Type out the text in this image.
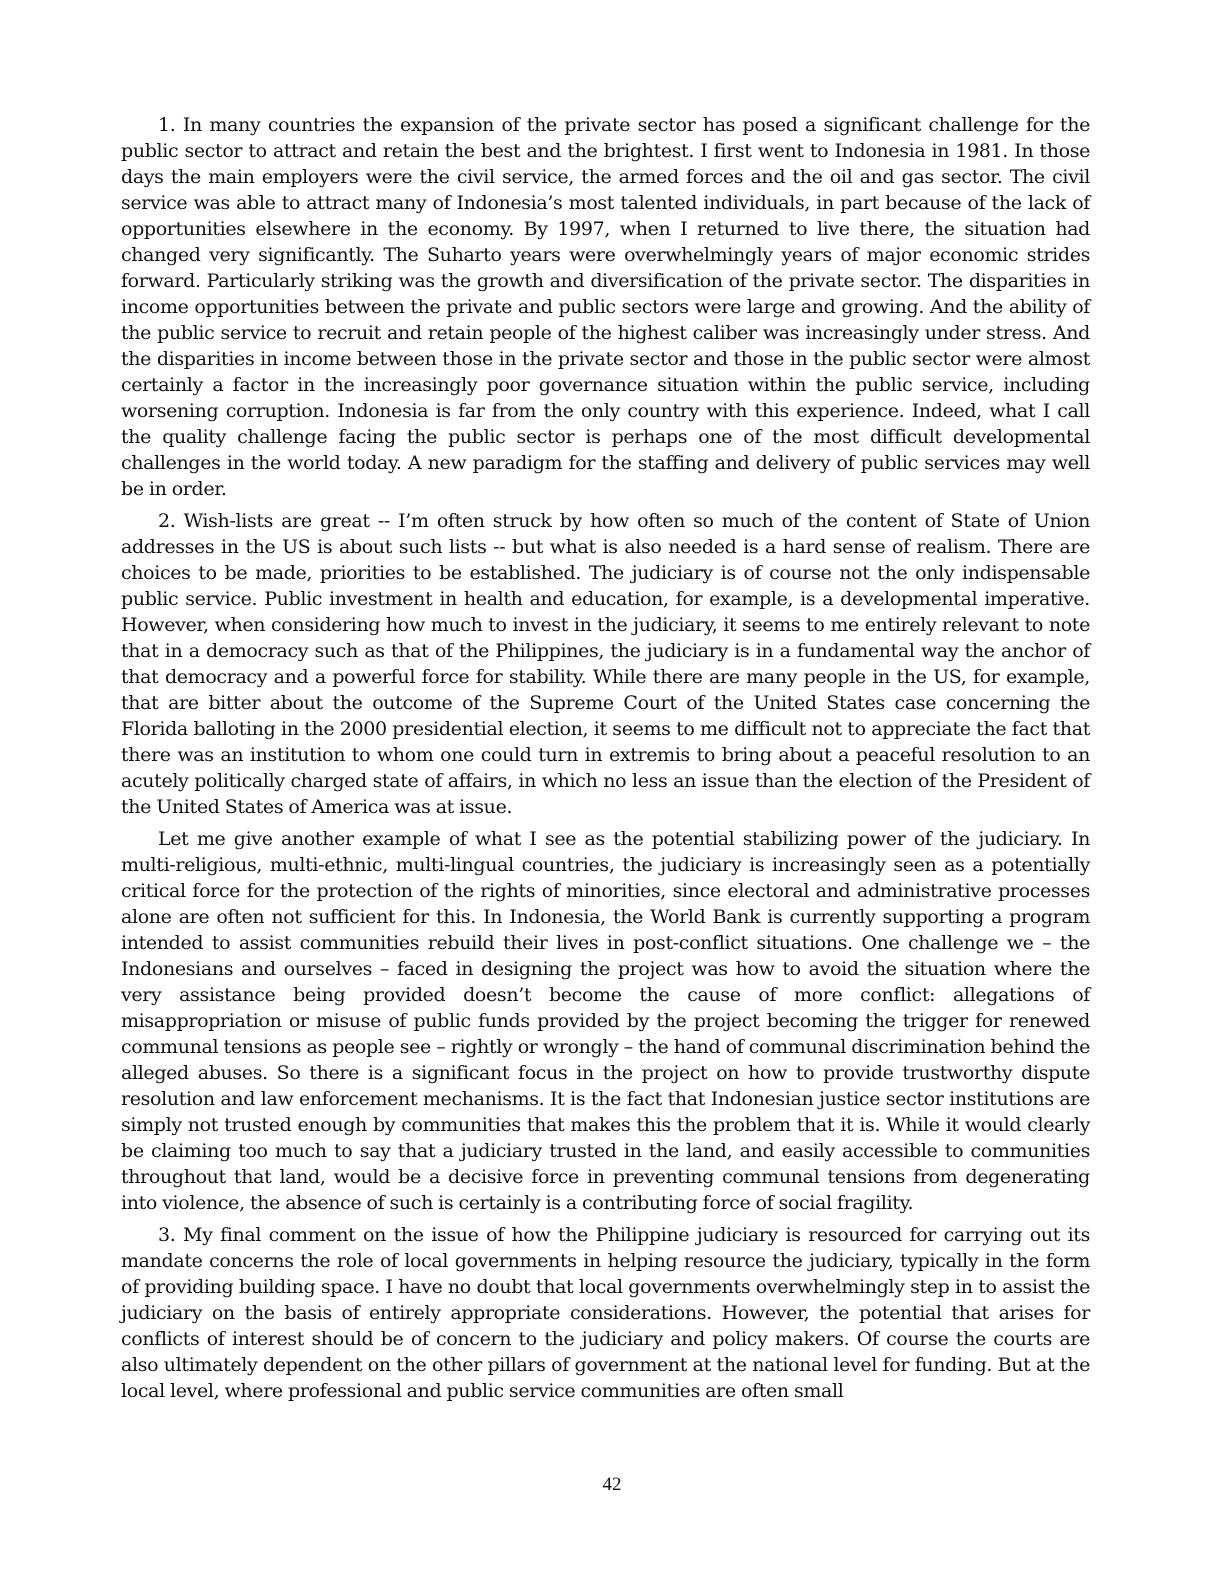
1. In many countries the expansion of the private sector has posed a significant challenge for the public sector to attract and retain the best and the brightest. I first went to Indonesia in 1981. In those days the main employers were the civil service, the armed forces and the oil and gas sector. The civil service was able to attract many of Indonesia’s most talented individuals, in part because of the lack of opportunities elsewhere in the economy. By 1997, when I returned to live there, the situation had changed very significantly. The Suharto years were overwhelmingly years of major economic strides forward. Particularly striking was the growth and diversification of the private sector. The disparities in income opportunities between the private and public sectors were large and growing. And the ability of the public service to recruit and retain people of the highest caliber was increasingly under stress. And the disparities in income between those in the private sector and those in the public sector were almost certainly a factor in the increasingly poor governance situation within the public service, including worsening corruption. Indonesia is far from the only country with this experience. Indeed, what I call the quality challenge facing the public sector is perhaps one of the most difficult developmental challenges in the world today. A new paradigm for the staffing and delivery of public services may well be in order.

2. Wish-lists are great -- I’m often struck by how often so much of the content of State of Union addresses in the US is about such lists -- but what is also needed is a hard sense of realism. There are choices to be made, priorities to be established. The judiciary is of course not the only indispensable public service. Public investment in health and education, for example, is a developmental imperative. However, when considering how much to invest in the judiciary, it seems to me entirely relevant to note that in a democracy such as that of the Philippines, the judiciary is in a fundamental way the anchor of that democracy and a powerful force for stability. While there are many people in the US, for example, that are bitter about the outcome of the Supreme Court of the United States case concerning the Florida balloting in the 2000 presidential election, it seems to me difficult not to appreciate the fact that there was an institution to whom one could turn in extremis to bring about a peaceful resolution to an acutely politically charged state of affairs, in which no less an issue than the election of the President of the United States of America was at issue.

Let me give another example of what I see as the potential stabilizing power of the judiciary. In multi-religious, multi-ethnic, multi-lingual countries, the judiciary is increasingly seen as a potentially critical force for the protection of the rights of minorities, since electoral and administrative processes alone are often not sufficient for this. In Indonesia, the World Bank is currently supporting a program intended to assist communities rebuild their lives in post-conflict situations. One challenge we – the Indonesians and ourselves – faced in designing the project was how to avoid the situation where the very assistance being provided doesn’t become the cause of more conflict: allegations of misappropriation or misuse of public funds provided by the project becoming the trigger for renewed communal tensions as people see – rightly or wrongly – the hand of communal discrimination behind the alleged abuses. So there is a significant focus in the project on how to provide trustworthy dispute resolution and law enforcement mechanisms. It is the fact that Indonesian justice sector institutions are simply not trusted enough by communities that makes this the problem that it is. While it would clearly be claiming too much to say that a judiciary trusted in the land, and easily accessible to communities throughout that land, would be a decisive force in preventing communal tensions from degenerating into violence, the absence of such is certainly is a contributing force of social fragility.

3. My final comment on the issue of how the Philippine judiciary is resourced for carrying out its mandate concerns the role of local governments in helping resource the judiciary, typically in the form of providing building space. I have no doubt that local governments overwhelmingly step in to assist the judiciary on the basis of entirely appropriate considerations. However, the potential that arises for conflicts of interest should be of concern to the judiciary and policy makers. Of course the courts are also ultimately dependent on the other pillars of government at the national level for funding. But at the local level, where professional and public service communities are often small

42
